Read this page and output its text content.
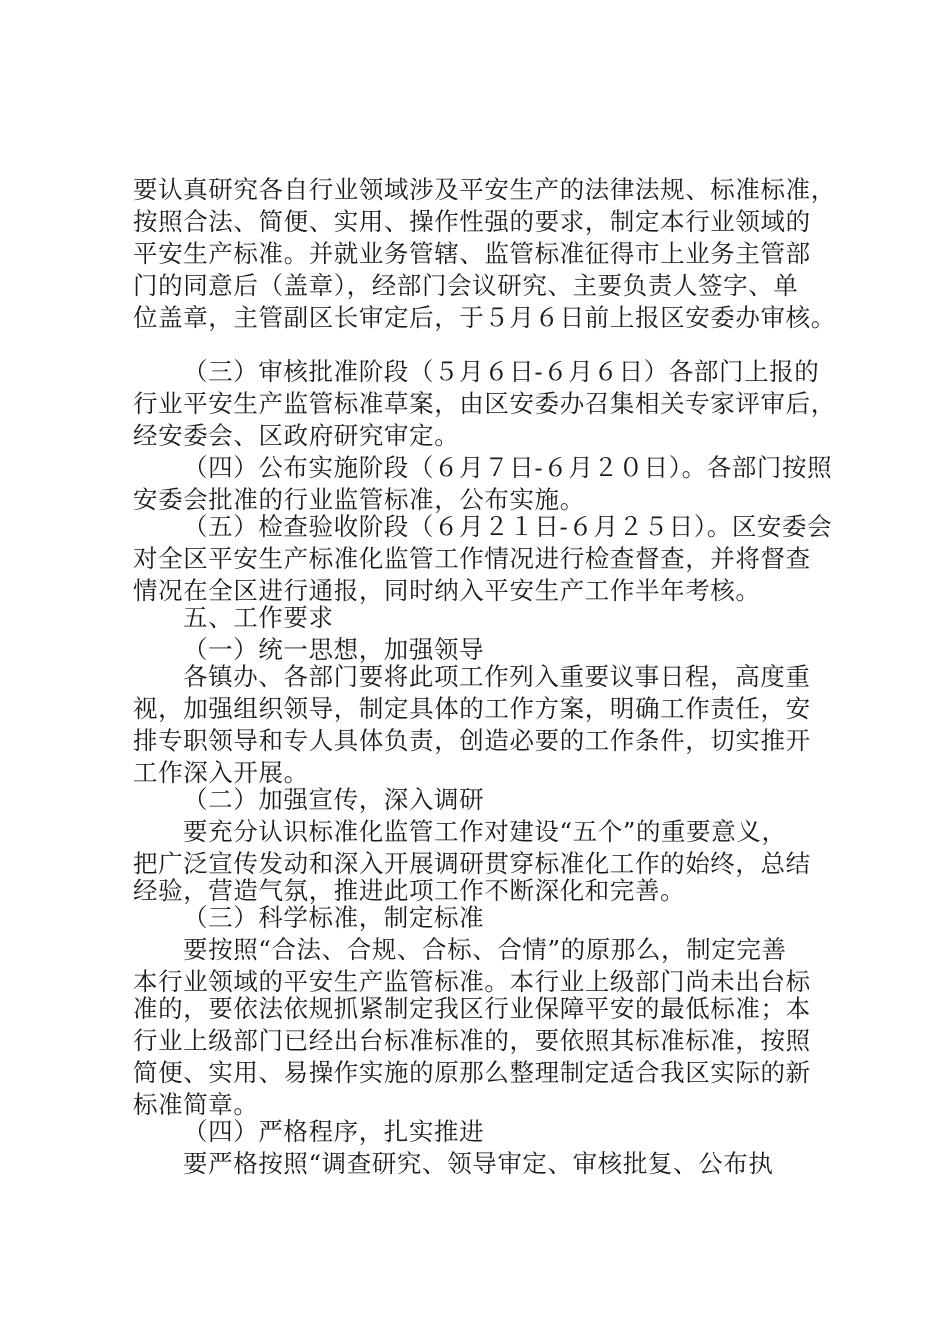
要认真研究各自行业领域涉及平安生产的法律法规、标准标准，
按照合法、简便、实用、操作性强的要求，制定本行业领域的
平安生产标准。并就业务管辖、监管标准征得市上业务主管部
门的同意后（盖章），经部门会议研究、主要负责人签字、单
位盖章，主管副区长审定后，于５月６日前上报区安委办审核。
（三）审核批准阶段（５月６日-６月６日）各部门上报的
行业平安生产监管标准草案，由区安委办召集相关专家评审后，
经安委会、区政府研究审定。
（四）公布实施阶段（６月７日-６月２０日）。各部门按照
安委会批准的行业监管标准，公布实施。
（五）检查验收阶段（６月２１日-６月２５日）。区安委会
对全区平安生产标准化监管工作情况进行检查督查，并将督查
情况在全区进行通报，同时纳入平安生产工作半年考核。
五、工作要求
（一）统一思想，加强领导
各镇办、各部门要将此项工作列入重要议事日程，高度重
视，加强组织领导，制定具体的工作方案，明确工作责任，安
排专职领导和专人具体负责，创造必要的工作条件，切实推开
工作深入开展。
（二）加强宣传，深入调研
要充分认识标准化监管工作对建设“五个”的重要意义，
把广泛宣传发动和深入开展调研贯穿标准化工作的始终，总结
经验，营造气氛，推进此项工作不断深化和完善。
（三）科学标准，制定标准
要按照“合法、合规、合标、合情”的原那么，制定完善
本行业领域的平安生产监管标准。本行业上级部门尚未出台标
准的，要依法依规抓紧制定我区行业保障平安的最低标准；本
行业上级部门已经出台标准标准的，要依照其标准标准，按照
简便、实用、易操作实施的原那么整理制定适合我区实际的新
标准简章。
（四）严格程序，扎实推进
要严格按照“调查研究、领导审定、审核批复、公布执
